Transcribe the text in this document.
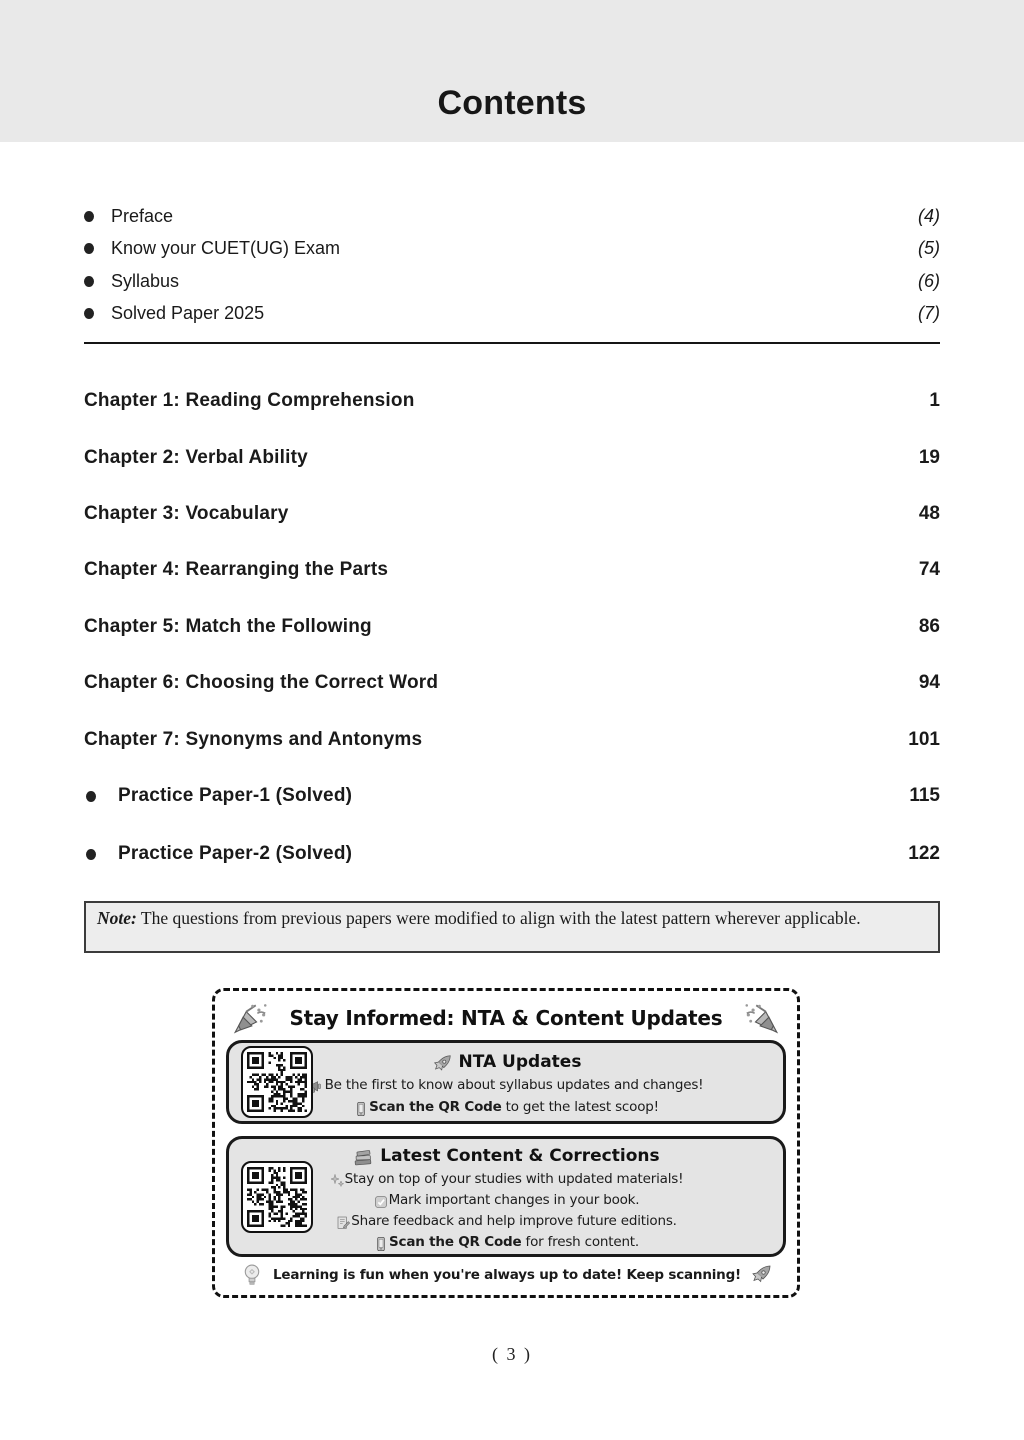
Contents
Preface	(4)
Know your CUET(UG) Exam	(5)
Syllabus	(6)
Solved Paper 2025	(7)
Chapter 1: Reading Comprehension	1
Chapter 2: Verbal Ability	19
Chapter 3: Vocabulary	48
Chapter 4: Rearranging the Parts	74
Chapter 5: Match the Following	86
Chapter 6: Choosing the Correct Word	94
Chapter 7: Synonyms and Antonyms	101
Practice Paper-1 (Solved)	115
Practice Paper-2 (Solved)	122

Note: The questions from previous papers were modified to align with the latest pattern wherever applicable.

Stay Informed: NTA & Content Updates
NTA Updates
Be the first to know about syllabus updates and changes!
Scan the QR Code to get the latest scoop!
Latest Content & Corrections
Stay on top of your studies with updated materials!
Mark important changes in your book.
Share feedback and help improve future editions.
Scan the QR Code for fresh content.
Learning is fun when you're always up to date! Keep scanning!
( 3 )
